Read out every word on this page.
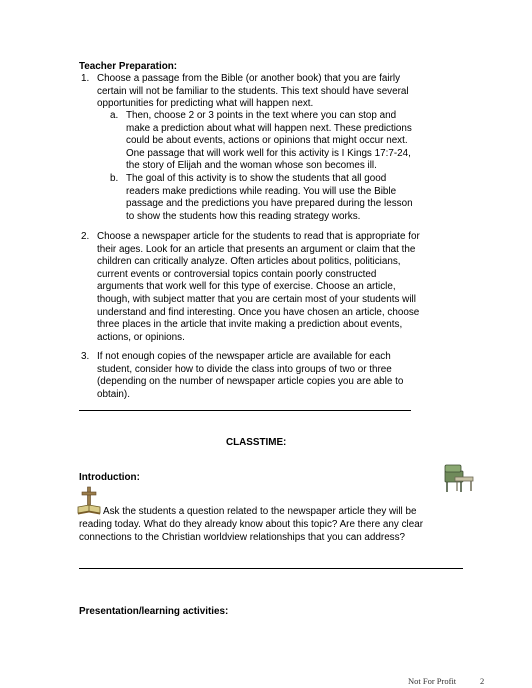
Teacher Preparation:
1. Choose a passage from the Bible (or another book) that you are fairly
certain will not be familiar to the students. This text should have several
opportunities for predicting what will happen next.
a. Then, choose 2 or 3 points in the text where you can stop and
make a prediction about what will happen next. These predictions
could be about events, actions or opinions that might occur next.
One passage that will work well for this activity is I Kings 17:7-24,
the story of Elijah and the woman whose son becomes ill.
b. The goal of this activity is to show the students that all good
readers make predictions while reading. You will use the Bible
passage and the predictions you have prepared during the lesson
to show the students how this reading strategy works.
2. Choose a newspaper article for the students to read that is appropriate for
their ages. Look for an article that presents an argument or claim that the
children can critically analyze. Often articles about politics, politicians,
current events or controversial topics contain poorly constructed
arguments that work well for this type of exercise. Choose an article,
though, with subject matter that you are certain most of your students will
understand and find interesting. Once you have chosen an article, choose
three places in the article that invite making a prediction about events,
actions, or opinions.
3. If not enough copies of the newspaper article are available for each
student, consider how to divide the class into groups of two or three
(depending on the number of newspaper article copies you are able to
obtain).
CLASSTIME:
Introduction:
Ask the students a question related to the newspaper article they will be
reading today. What do they already know about this topic? Are there any clear
connections to the Christian worldview relationships that you can address?
Presentation/learning activities:
Not For Profit	2
